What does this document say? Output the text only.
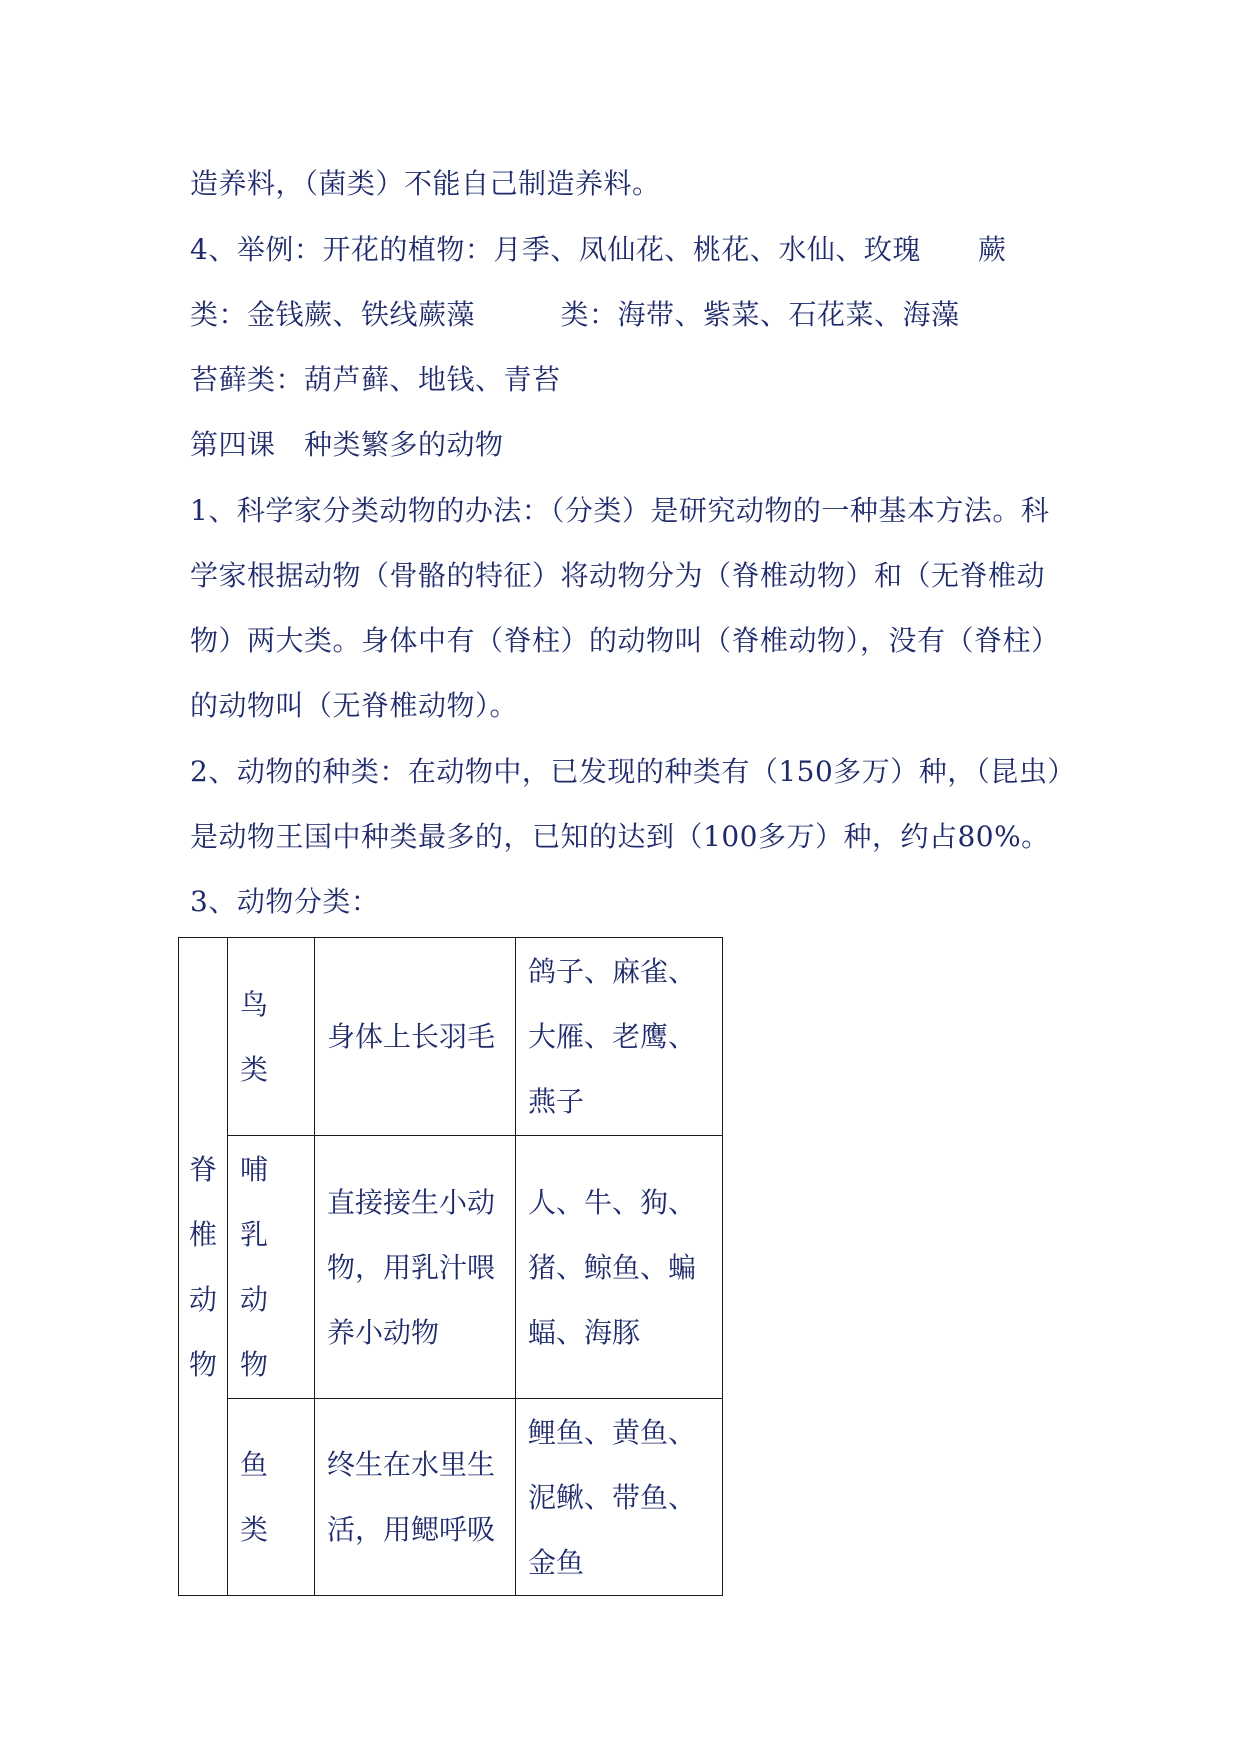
造养料，（菌类）不能自己制造养料。
4、举例：开花的植物：月季、凤仙花、桃花、水仙、玫瑰　　蕨
类：金钱蕨、铁线蕨藻　　　类：海带、紫菜、石花菜、海藻
苔藓类：葫芦藓、地钱、青苔
第四课　种类繁多的动物
1、科学家分类动物的办法：（分类）是研究动物的一种基本方法。科
学家根据动物（骨骼的特征）将动物分为（脊椎动物）和（无脊椎动
物）两大类。身体中有（脊柱）的动物叫（脊椎动物），没有（脊柱）
的动物叫（无脊椎动物）。
2、动物的种类：在动物中，已发现的种类有（150多万）种，（昆虫）
是动物王国中种类最多的，已知的达到（100多万）种，约占80%。
3、动物分类：
脊椎动物	鸟类	身体上长羽毛	鸽子、麻雀、大雁、老鹰、燕子

	哺乳动物	直接接生小动物，用乳汁喂养小动物	人、牛、狗、猪、鲸鱼、蝙蝠、海豚

	鱼类	终生在水里生活，用鳃呼吸	鲤鱼、黄鱼、泥鳅、带鱼、金鱼
